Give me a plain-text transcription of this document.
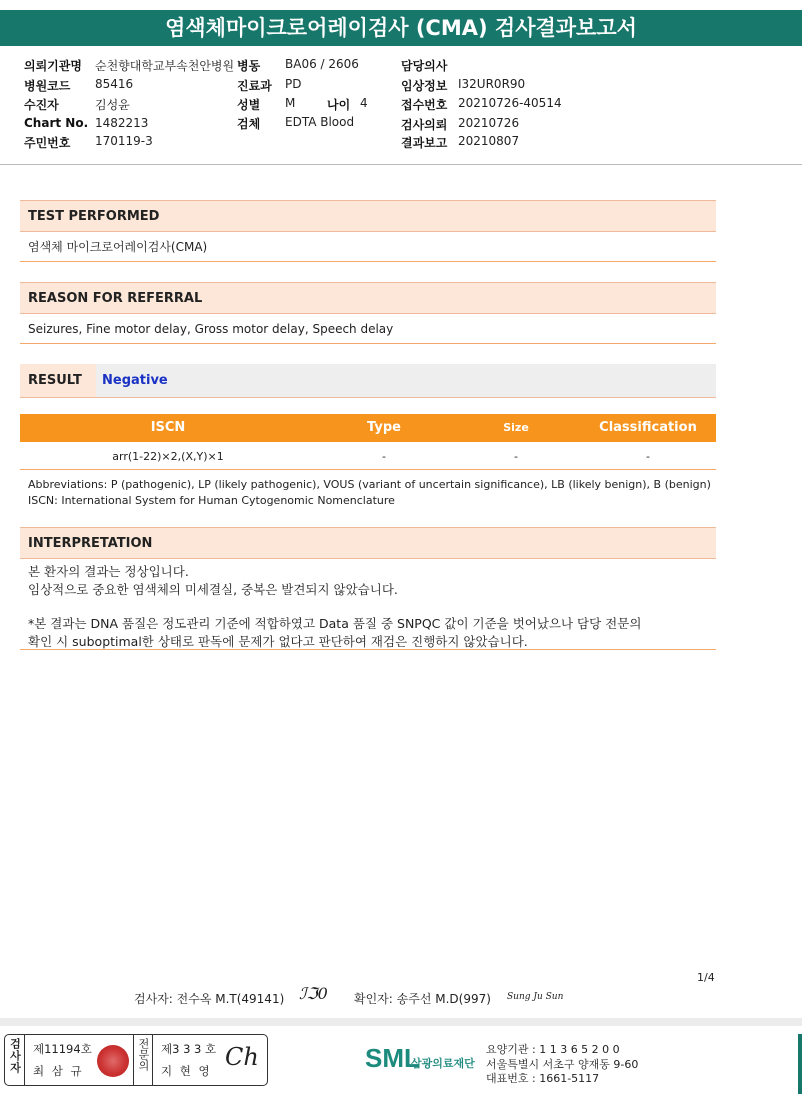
염색체마이크로어레이검사 (CMA) 검사결과보고서
의뢰기관명 순천향대학교부속천안병원 병동 BA06 / 2606	담당의사
병원코드 85416	진료과 PD	임상정보 I32UR0R90
수진자	김성윤	성별 M	나이 4	접수번호 20210726-40514
Chart No. 1482213	검체 EDTA Blood	검사의뢰 20210726
주민번호 170119-3	결과보고 20210807
TEST PERFORMED
염색체 마이크로어레이검사(CMA)
REASON FOR REFERRAL
Seizures, Fine motor delay, Gross motor delay, Speech delay
RESULT	Negative
ISCN	Type	Size	Classification
arr(1-22)×2,(X,Y)×1	-	-	-
Abbreviations: P (pathogenic), LP (likely pathogenic), VOUS (variant of uncertain significance), LB (likely benign), B (benign)
ISCN: International System for Human Cytogenomic Nomenclature
INTERPRETATION
본 환자의 결과는 정상입니다.
임상적으로 중요한 염색체의 미세결실, 중복은 발견되지 않았습니다.
*본 결과는 DNA 품질은 정도관리 기준에 적합하였고 Data 품질 중 SNPQC 값이 기준을 벗어났으나 담당 전문의
확인 시 suboptimal한 상태로 판독에 문제가 없다고 판단하여 재검은 진행하지 않았습니다.
1/4
검사자: 전수옥 M.T(49141) ℐℑ0 확인자: 송주선 M.D(997) Sung Ju Sun
검사자	제11194호
최 삼 규	전문의 제3 3 3 호
지 현 영 Ch	SML
삼광의료재단
요양기관 : 1 1 3 6 5 2 0 0
서울특별시 서초구 양재동 9-60
대표번호 : 1661-5117
